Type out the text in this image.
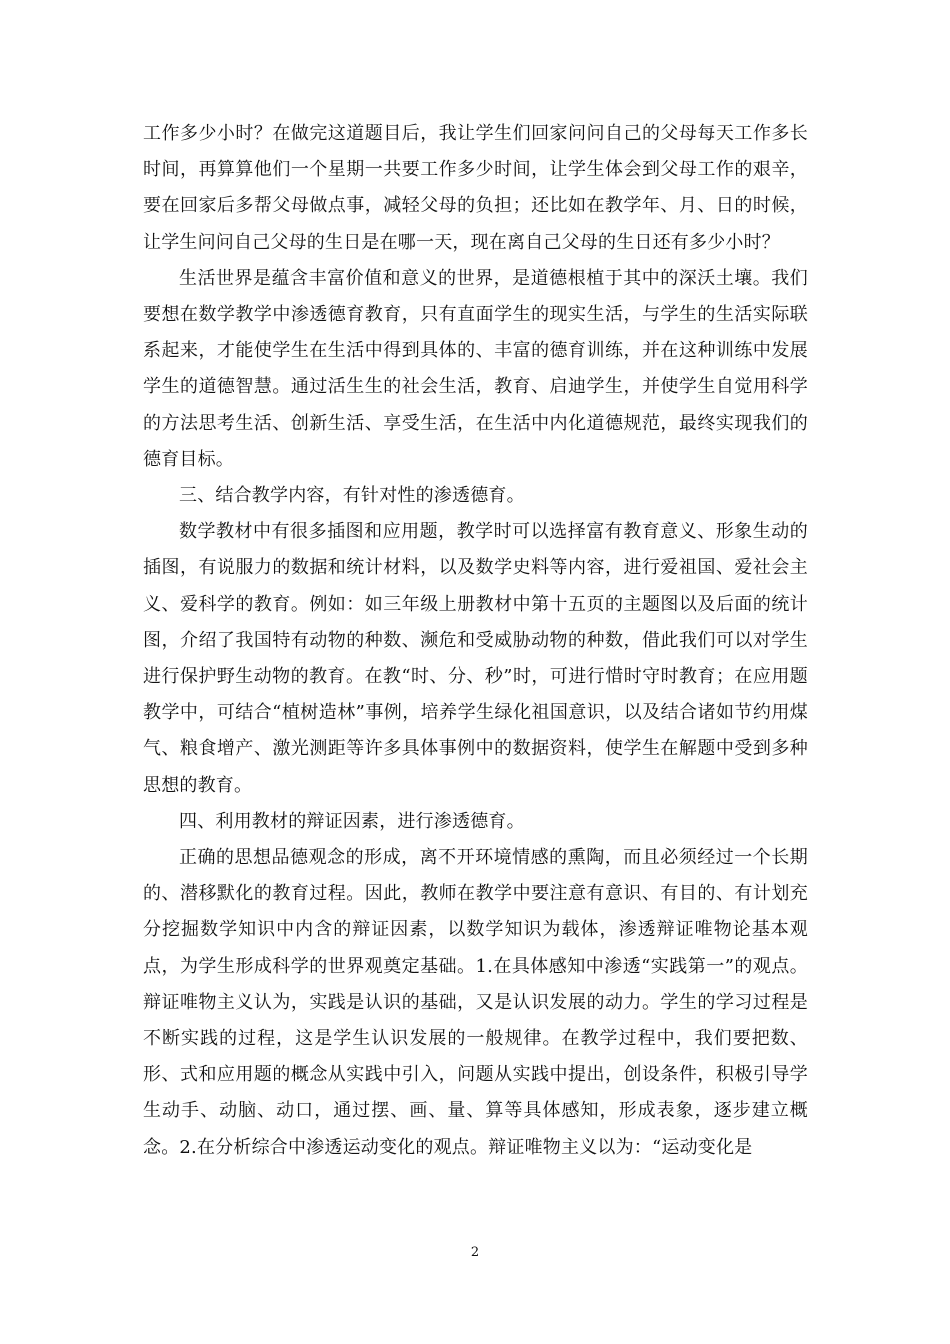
工作多少小时？在做完这道题目后，我让学生们回家问问自己的父母每天工作多长时间，再算算他们一个星期一共要工作多少时间，让学生体会到父母工作的艰辛，要在回家后多帮父母做点事，减轻父母的负担；还比如在教学年、月、日的时候，让学生问问自己父母的生日是在哪一天，现在离自己父母的生日还有多少小时？

生活世界是蕴含丰富价值和意义的世界，是道德根植于其中的深沃土壤。我们要想在数学教学中渗透德育教育，只有直面学生的现实生活，与学生的生活实际联系起来，才能使学生在生活中得到具体的、丰富的德育训练，并在这种训练中发展学生的道德智慧。通过活生生的社会生活，教育、启迪学生，并使学生自觉用科学的方法思考生活、创新生活、享受生活，在生活中内化道德规范，最终实现我们的德育目标。

三、结合教学内容，有针对性的渗透德育。

数学教材中有很多插图和应用题，教学时可以选择富有教育意义、形象生动的插图，有说服力的数据和统计材料，以及数学史料等内容，进行爱祖国、爱社会主义、爱科学的教育。例如：如三年级上册教材中第十五页的主题图以及后面的统计图，介绍了我国特有动物的种数、濒危和受威胁动物的种数，借此我们可以对学生进行保护野生动物的教育。在教“时、分、秒”时，可进行惜时守时教育；在应用题教学中，可结合“植树造林”事例，培养学生绿化祖国意识，以及结合诸如节约用煤气、粮食增产、激光测距等许多具体事例中的数据资料，使学生在解题中受到多种思想的教育。

四、利用教材的辩证因素，进行渗透德育。

正确的思想品德观念的形成，离不开环境情感的熏陶，而且必须经过一个长期的、潜移默化的教育过程。因此，教师在教学中要注意有意识、有目的、有计划充分挖掘数学知识中内含的辩证因素，以数学知识为载体，渗透辩证唯物论基本观点，为学生形成科学的世界观奠定基础。1.在具体感知中渗透“实践第一”的观点。辩证唯物主义认为，实践是认识的基础，又是认识发展的动力。学生的学习过程是不断实践的过程，这是学生认识发展的一般规律。在教学过程中，我们要把数、形、式和应用题的概念从实践中引入，问题从实践中提出，创设条件，积极引导学生动手、动脑、动口，通过摆、画、量、算等具体感知，形成表象，逐步建立概念。2.在分析综合中渗透运动变化的观点。辩证唯物主义以为：“运动变化是

2
